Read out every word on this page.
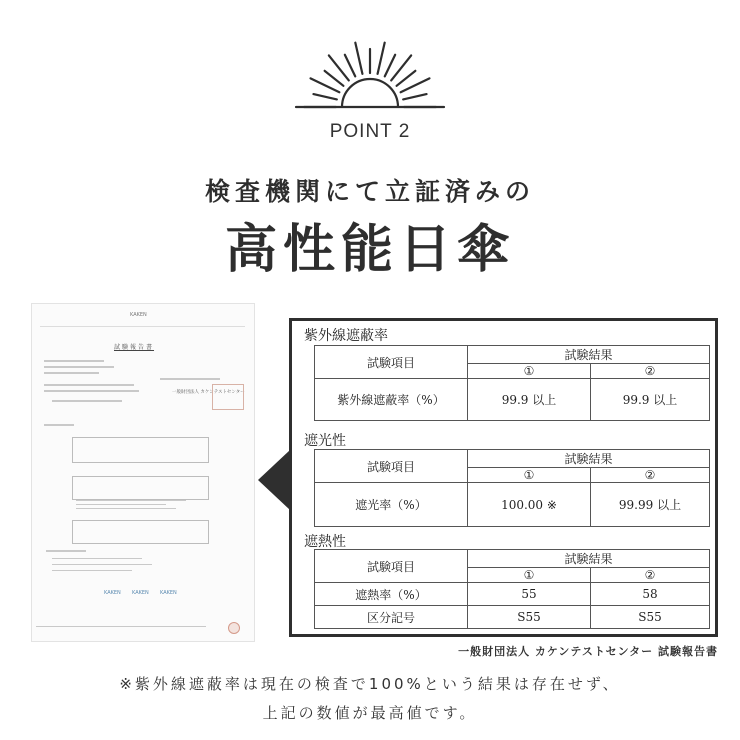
POINT 2
検査機関にて立証済みの
高性能日傘
KAKEN
試験報告書
一般財団法人 カケンテストセンター
KAKEN KAKEN KAKEN
紫外線遮蔽率
試験項目	試験結果	
	①	②
紫外線遮蔽率（%）	99.9 以上	99.9 以上
遮光性
試験項目	試験結果	
	①	②
遮光率（%）	100.00 ※	99.99 以上
遮熱性
試験項目	試験結果	
	①	②
遮熱率（%）	55	58
区分記号	S55	S55
一般財団法人 カケンテストセンター 試験報告書
※紫外線遮蔽率は現在の検査で100%という結果は存在せず、
上記の数値が最高値です。
